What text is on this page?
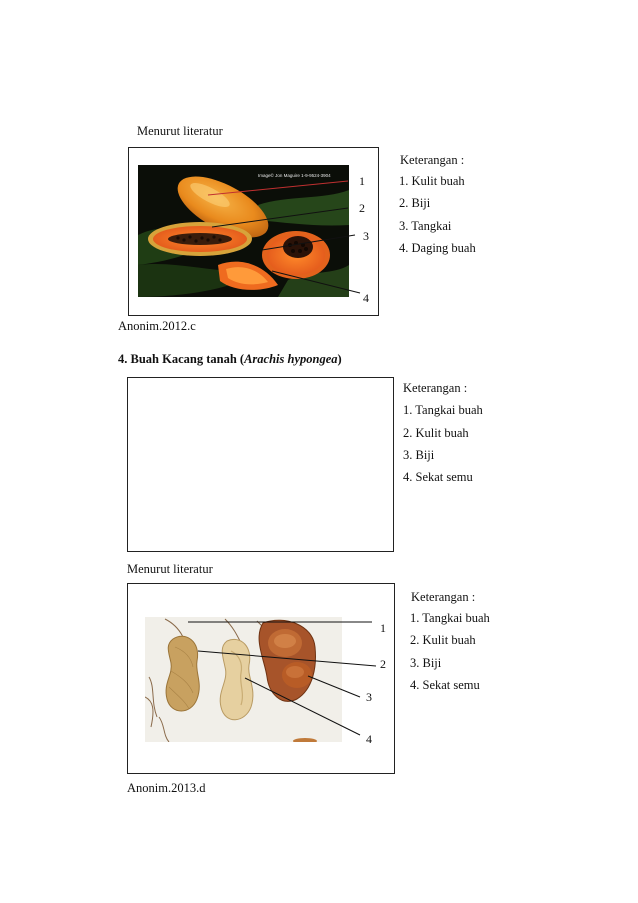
Menurut literatur
Image© Jon Maguire 1-9-9524-3904 1
2
3
4
Keterangan :
1. Kulit buah
2. Biji
3. Tangkai
4. Daging buah
Anonim.2012.c
4. Buah Kacang tanah (Arachis hypongea)
Keterangan :
1. Tangkai buah
2. Kulit buah
3. Biji
4. Sekat semu
Menurut literatur
1
2
3
4
Keterangan :
1. Tangkai buah
2. Kulit buah
3. Biji
4. Sekat semu
Anonim.2013.d
